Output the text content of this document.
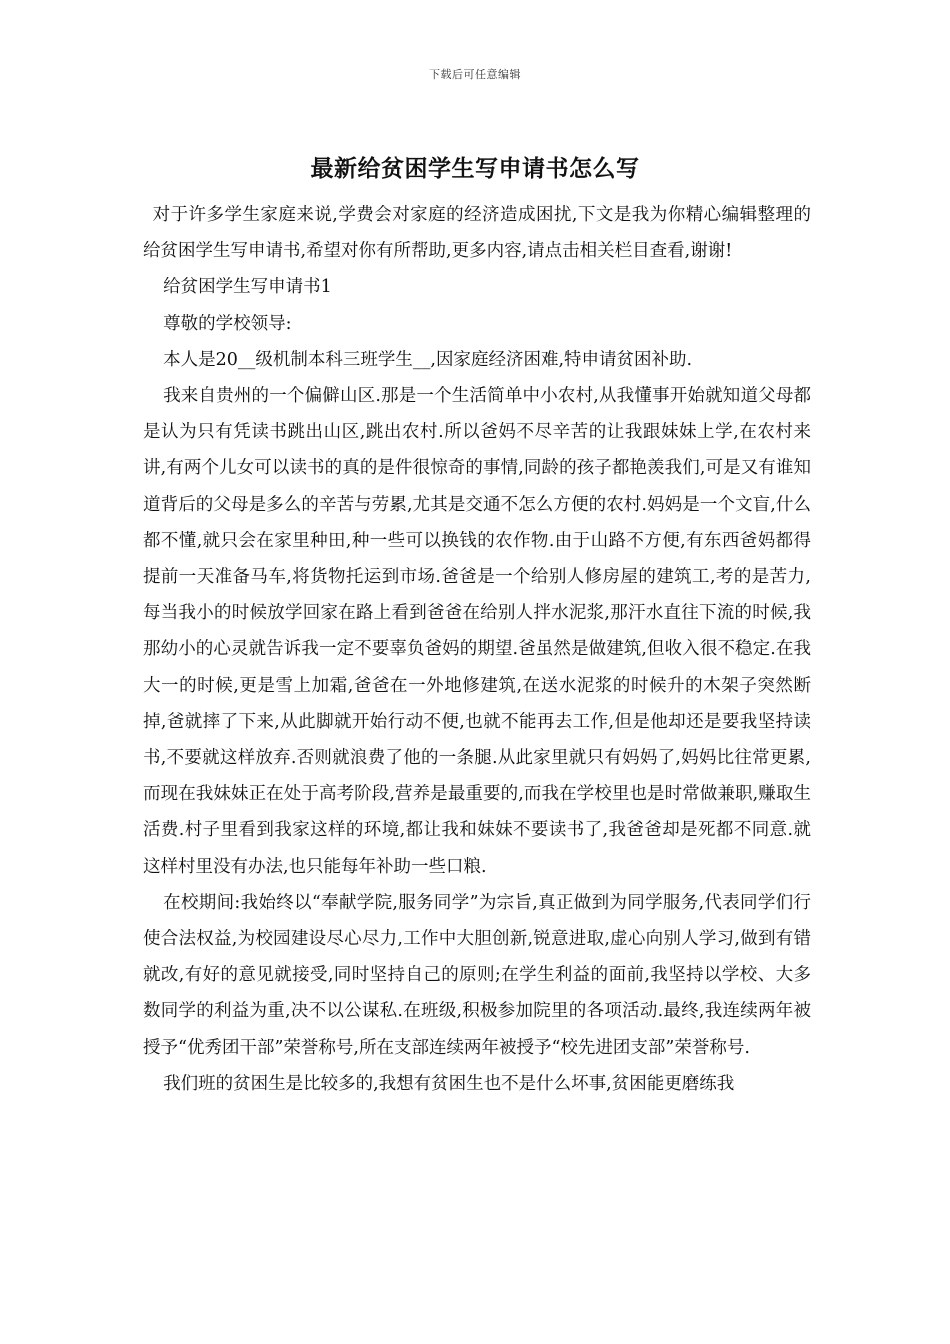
下载后可任意编辑
最新给贫困学生写申请书怎么写

对于许多学生家庭来说,学费会对家庭的经济造成困扰,下文是我为你精心编辑整理的给贫困学生写申请书,希望对你有所帮助,更多内容,请点击相关栏目查看,谢谢!

给贫困学生写申请书1

尊敬的学校领导:

本人是20__级机制本科三班学生__,因家庭经济困难,特申请贫困补助.

我来自贵州的一个偏僻山区.那是一个生活简单中小农村,从我懂事开始就知道父母都是认为只有凭读书跳出山区,跳出农村.所以爸妈不尽辛苦的让我跟妹妹上学,在农村来讲,有两个儿女可以读书的真的是件很惊奇的事情,同龄的孩子都艳羡我们,可是又有谁知道背后的父母是多么的辛苦与劳累,尤其是交通不怎么方便的农村.妈妈是一个文盲,什么都不懂,就只会在家里种田,种一些可以换钱的农作物.由于山路不方便,有东西爸妈都得提前一天准备马车,将货物托运到市场.爸爸是一个给别人修房屋的建筑工,考的是苦力,每当我小的时候放学回家在路上看到爸爸在给别人拌水泥浆,那汗水直往下流的时候,我那幼小的心灵就告诉我一定不要辜负爸妈的期望.爸虽然是做建筑,但收入很不稳定.在我大一的时候,更是雪上加霜,爸爸在一外地修建筑,在送水泥浆的时候升的木架子突然断掉,爸就摔了下来,从此脚就开始行动不便,也就不能再去工作,但是他却还是要我坚持读书,不要就这样放弃.否则就浪费了他的一条腿.从此家里就只有妈妈了,妈妈比往常更累,而现在我妹妹正在处于高考阶段,营养是最重要的,而我在学校里也是时常做兼职,赚取生活费.村子里看到我家这样的环境,都让我和妹妹不要读书了,我爸爸却是死都不同意.就这样村里没有办法,也只能每年补助一些口粮.

在校期间:我始终以“奉献学院,服务同学”为宗旨,真正做到为同学服务,代表同学们行使合法权益,为校园建设尽心尽力,工作中大胆创新,锐意进取,虚心向别人学习,做到有错就改,有好的意见就接受,同时坚持自己的原则;在学生利益的面前,我坚持以学校、大多数同学的利益为重,决不以公谋私.在班级,积极参加院里的各项活动.最终,我连续两年被授予“优秀团干部”荣誉称号,所在支部连续两年被授予“校先进团支部”荣誉称号.

我们班的贫困生是比较多的,我想有贫困生也不是什么坏事,贫困能更磨练我
